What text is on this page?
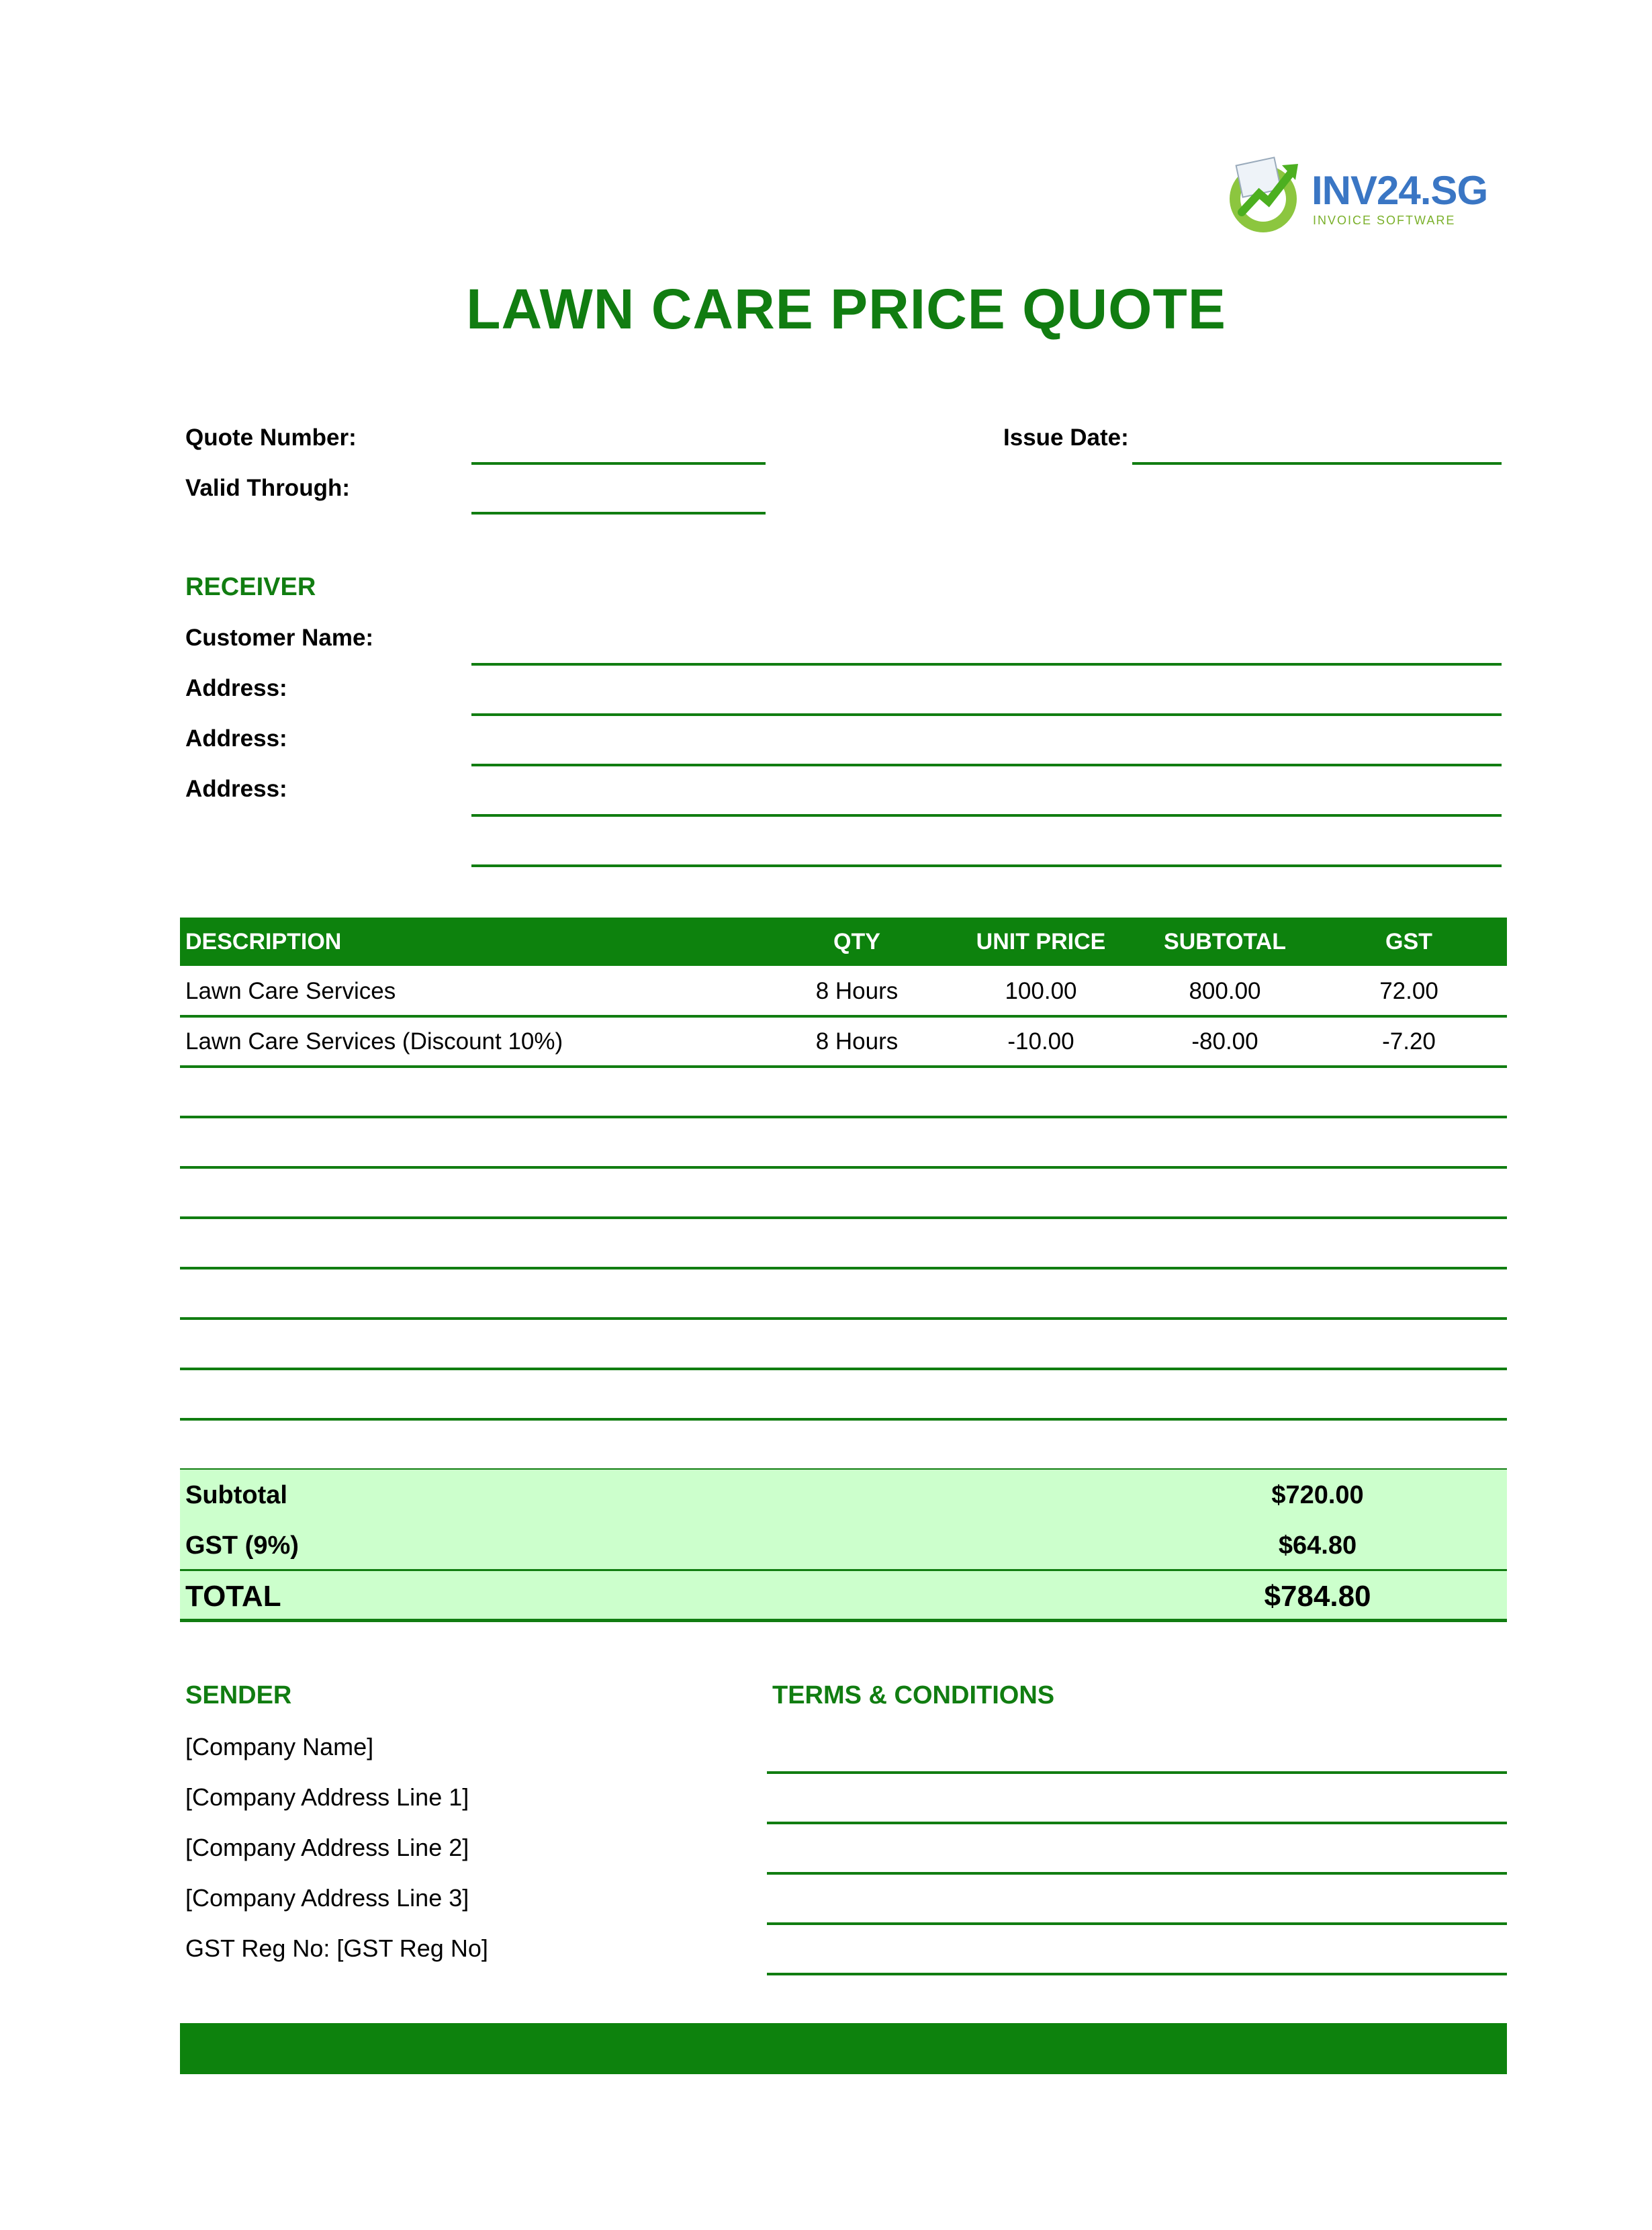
INV24.SG
INVOICE SOFTWARE
LAWN CARE PRICE QUOTE
Quote Number:
Valid Through:
Issue Date:
RECEIVER
Customer Name:
Address:
Address:
Address:
DESCRIPTION	QTY	UNIT PRICE	SUBTOTAL	GST
Lawn Care Services	8 Hours	100.00	800.00	72.00
Lawn Care Services (Discount 10%)	8 Hours	-10.00	-80.00	-7.20
Subtotal	$720.00
GST (9%)	$64.80
TOTAL	$784.80
SENDER
[Company Name]
[Company Address Line 1]
[Company Address Line 2]
[Company Address Line 3]
GST Reg No: [GST Reg No]
TERMS & CONDITIONS
